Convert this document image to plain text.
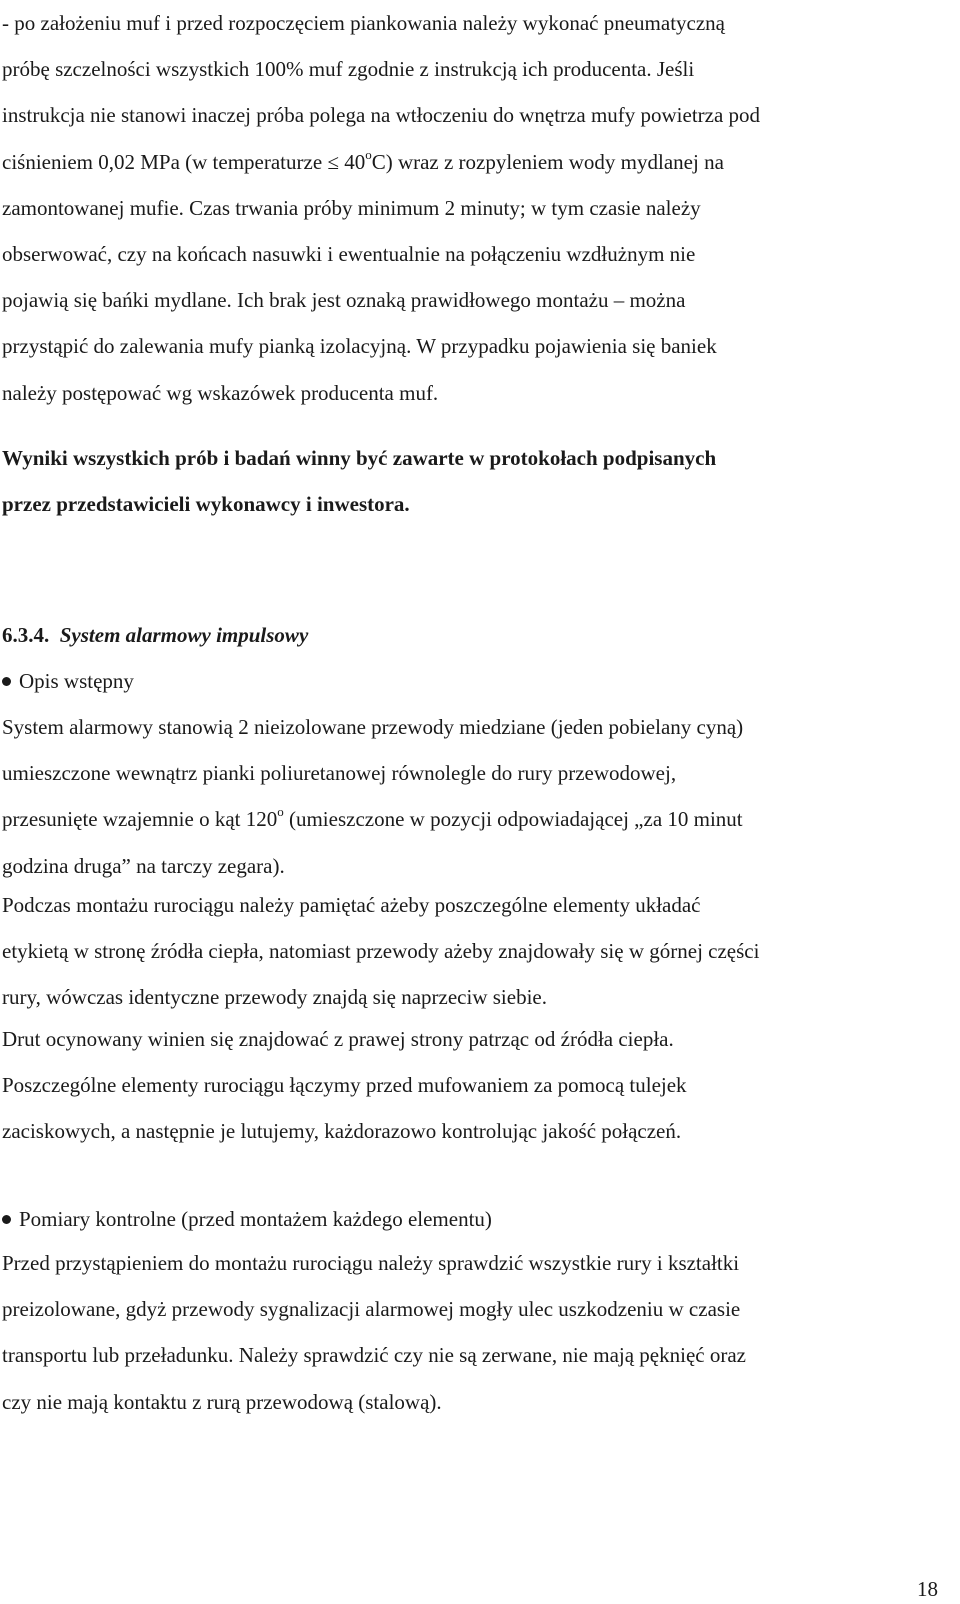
- po założeniu muf i przed rozpoczęciem piankowania należy wykonać pneumatyczną
próbę szczelności wszystkich 100% muf zgodnie z instrukcją ich producenta. Jeśli
instrukcja nie stanowi inaczej próba polega na wtłoczeniu do wnętrza mufy powietrza pod
ciśnieniem 0,02 MPa (w temperaturze ≤ $40^oC$) wraz z rozpyleniem wody mydlanej na
zamontowanej mufie. Czas trwania próby minimum 2 minuty; w tym czasie należy
obserwować, czy na końcach nasuwki i ewentualnie na połączeniu wzdłużnym nie
pojawią się bańki mydlane. Ich brak jest oznaką prawidłowego montażu – można
przystąpić do zalewania mufy pianką izolacyjną. W przypadku pojawienia się baniek
należy postępować wg wskazówek producenta muf.
Wyniki wszystkich prób i badań winny być zawarte w protokołach podpisanych
przez przedstawicieli wykonawcy i inwestora.
6.3.4. System alarmowy impulsowy
Opis wstępny
System alarmowy stanowią 2 nieizolowane przewody miedziane (jeden pobielany cyną)
umieszczone wewnątrz pianki poliuretanowej równolegle do rury przewodowej,
przesunięte wzajemnie o kąt 120$^o$ (umieszczone w pozycji odpowiadającej „za 10 minut
godzina druga” na tarczy zegara).
Podczas montażu rurociągu należy pamiętać ażeby poszczególne elementy układać
etykietą w stronę źródła ciepła, natomiast przewody ażeby znajdowały się w górnej części
rury, wówczas identyczne przewody znajdą się naprzeciw siebie.
Drut ocynowany winien się znajdować z prawej strony patrząc od źródła ciepła.
Poszczególne elementy rurociągu łączymy przed mufowaniem za pomocą tulejek
zaciskowych, a następnie je lutujemy, każdorazowo kontrolując jakość połączeń.
Pomiary kontrolne (przed montażem każdego elementu)
Przed przystąpieniem do montażu rurociągu należy sprawdzić wszystkie rury i kształtki
preizolowane, gdyż przewody sygnalizacji alarmowej mogły ulec uszkodzeniu w czasie
transportu lub przeładunku. Należy sprawdzić czy nie są zerwane, nie mają pęknięć oraz
czy nie mają kontaktu z rurą przewodową (stalową).
18
